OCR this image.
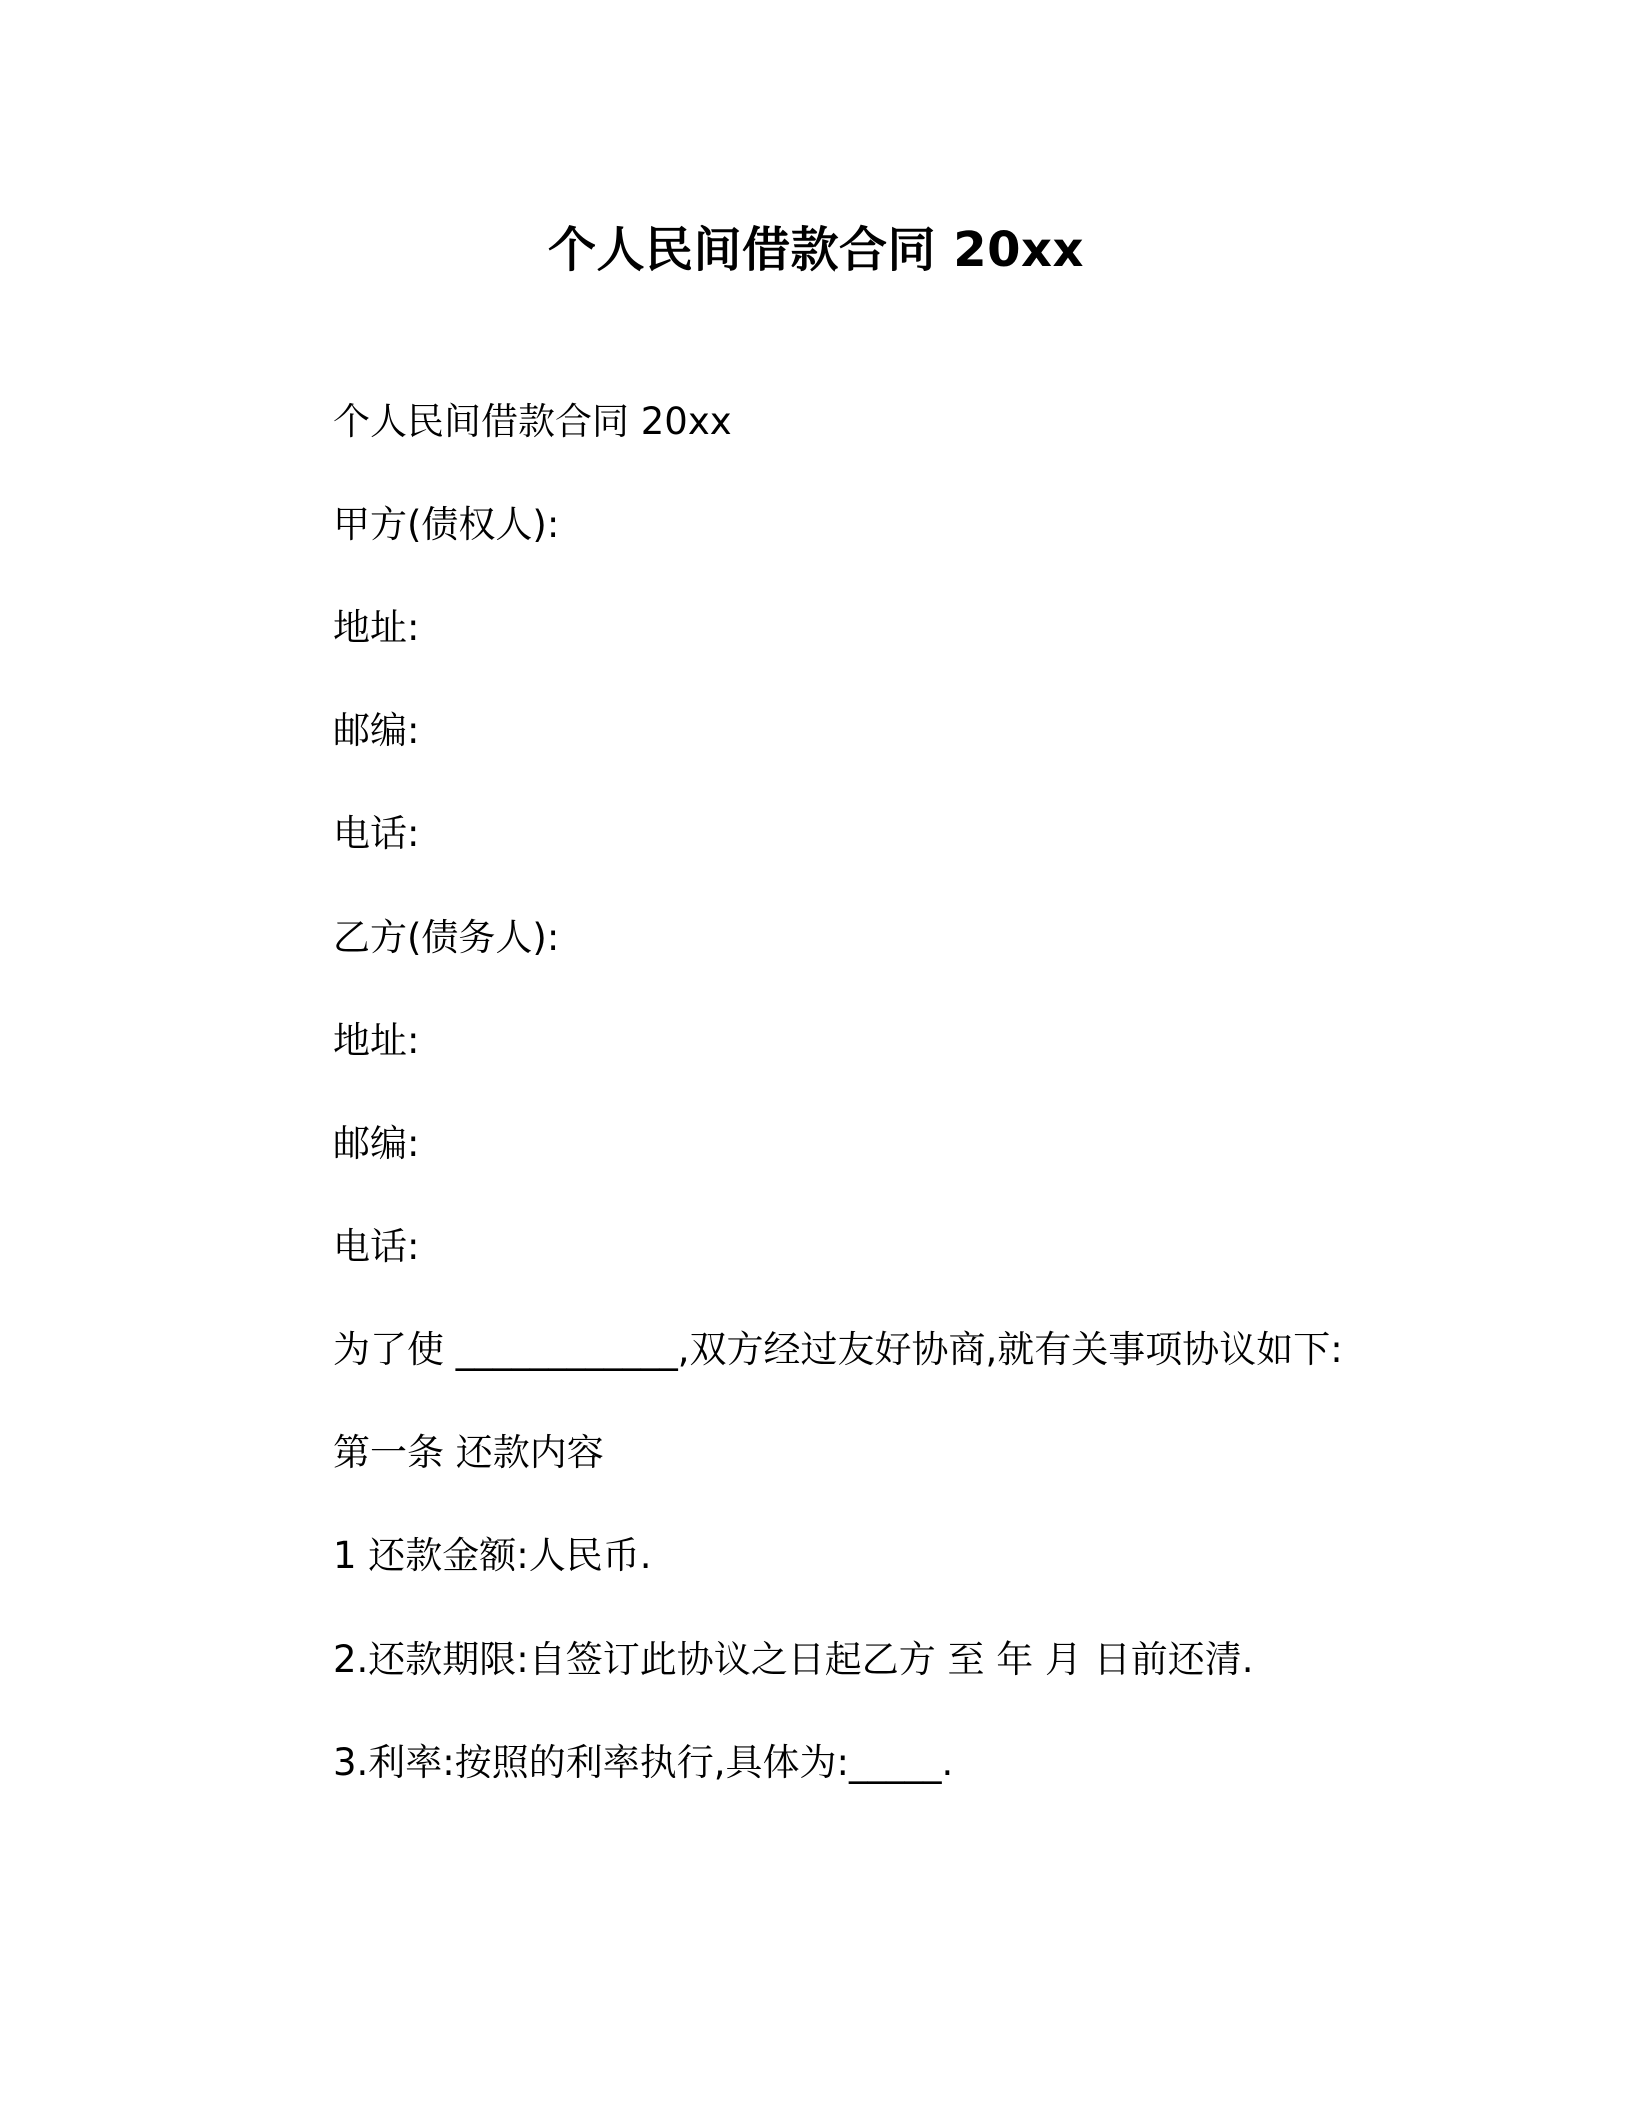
个人民间借款合同 20xx
个人民间借款合同 20xx
甲方(债权人):
地址:
邮编:
电话:
乙方(债务人):
地址:
邮编:
电话:
为了使 ____________,双方经过友好协商,就有关事项协议如下:
第一条 还款内容
1 还款金额:人民币.
2.还款期限:自签订此协议之日起乙方 至 年 月 日前还清.
3.利率:按照的利率执行,具体为:_____.
